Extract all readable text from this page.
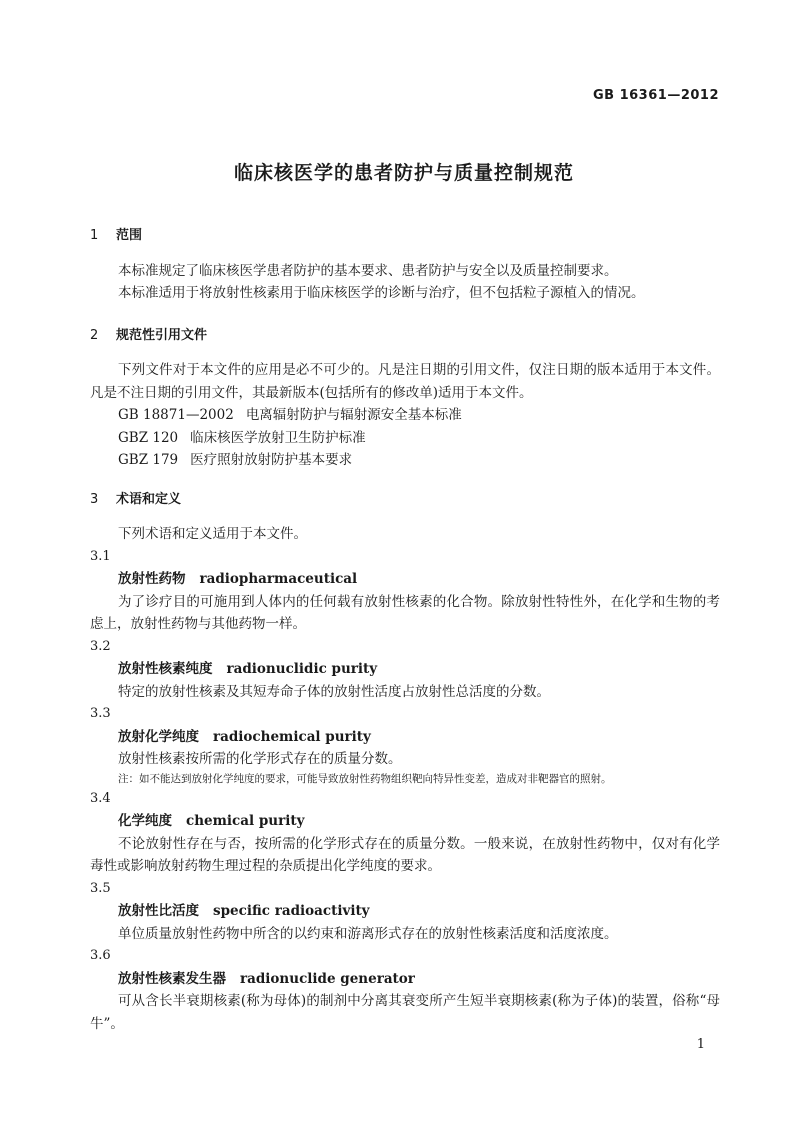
GB 16361—2012
临床核医学的患者防护与质量控制规范
1 范围
本标准规定了临床核医学患者防护的基本要求、患者防护与安全以及质量控制要求。
本标准适用于将放射性核素用于临床核医学的诊断与治疗，但不包括粒子源植入的情况。
2 规范性引用文件
下列文件对于本文件的应用是必不可少的。凡是注日期的引用文件，仅注日期的版本适用于本文件。凡是不注日期的引用文件，其最新版本(包括所有的修改单)适用于本文件。
GB 18871—2002 电离辐射防护与辐射源安全基本标准
GBZ 120 临床核医学放射卫生防护标准
GBZ 179 医疗照射放射防护基本要求
3 术语和定义
下列术语和定义适用于本文件。
3.1
放射性药物 radiopharmaceutical
为了诊疗目的可施用到人体内的任何载有放射性核素的化合物。除放射性特性外，在化学和生物的考虑上，放射性药物与其他药物一样。
3.2
放射性核素纯度 radionuclidic purity
特定的放射性核素及其短寿命子体的放射性活度占放射性总活度的分数。
3.3
放射化学纯度 radiochemical purity
放射性核素按所需的化学形式存在的质量分数。
注：如不能达到放射化学纯度的要求，可能导致放射性药物组织靶向特异性变差，造成对非靶器官的照射。
3.4
化学纯度 chemical purity
不论放射性存在与否，按所需的化学形式存在的质量分数。一般来说，在放射性药物中，仅对有化学毒性或影响放射药物生理过程的杂质提出化学纯度的要求。
3.5
放射性比活度 specific radioactivity
单位质量放射性药物中所含的以约束和游离形式存在的放射性核素活度和活度浓度。
3.6
放射性核素发生器 radionuclide generator
可从含长半衰期核素(称为母体)的制剂中分离其衰变所产生短半衰期核素(称为子体)的装置，俗称“母牛”。
1
